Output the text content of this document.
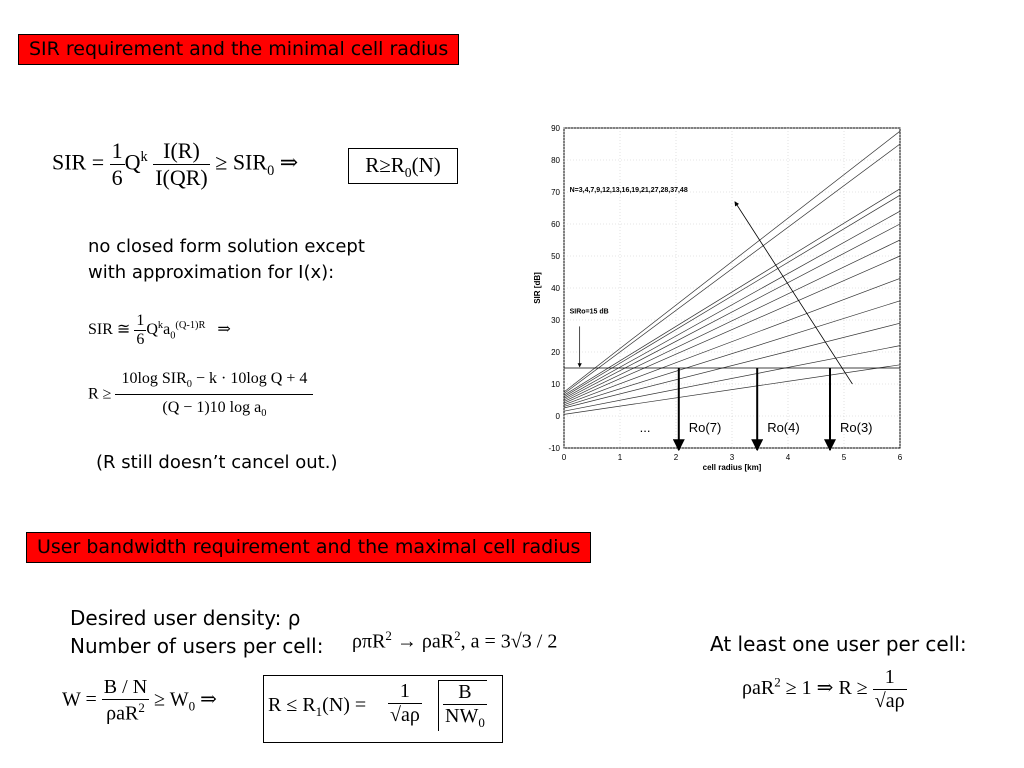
SIR requirement and the minimal cell radius
SIR = $\frac{1}{6} Q^k \frac{I(R)}{I(QR)} \ge SIR_0$ ⇒	$R\ge R_0(N)$
no closed form solution except
with approximation for I(x):
SIR ≅ $\frac{1}{6} Q^ka_0^{(Q-1)R}$ ⇒
$R \ge \frac{10\log SIR_0 - k \cdot 10\log Q + 4}{(Q - 1)10 \log a_0}$
(R still doesn’t cancel out.)	0	1	2	3	4	5	6
-10
0
10
20
30
40
50
60
70
80
90
SIRo=15 dB
N=3,4,7,9,12,13,16,19,21,27,28,37,48
Ro(7)	Ro(4)	Ro(3)
...
cell radius [km]
SIR [dB]
User bandwidth requirement and the maximal cell radius
Desired user density: ρ
Number of users per cell: ρπR$^2$ → ρaR$^2$, a = 3√3 / 2
$W = \frac{B / N}{\rho aR^2} \ge W_0$ ⇒	$R \le R_1(N) = \frac{1}{√a\rho} \frac{B}{NW_0}$
At least one user per cell:
ρaR$^2$ ≥ 1 ⇒ $R \ge \frac{1}{√a\rho}$
